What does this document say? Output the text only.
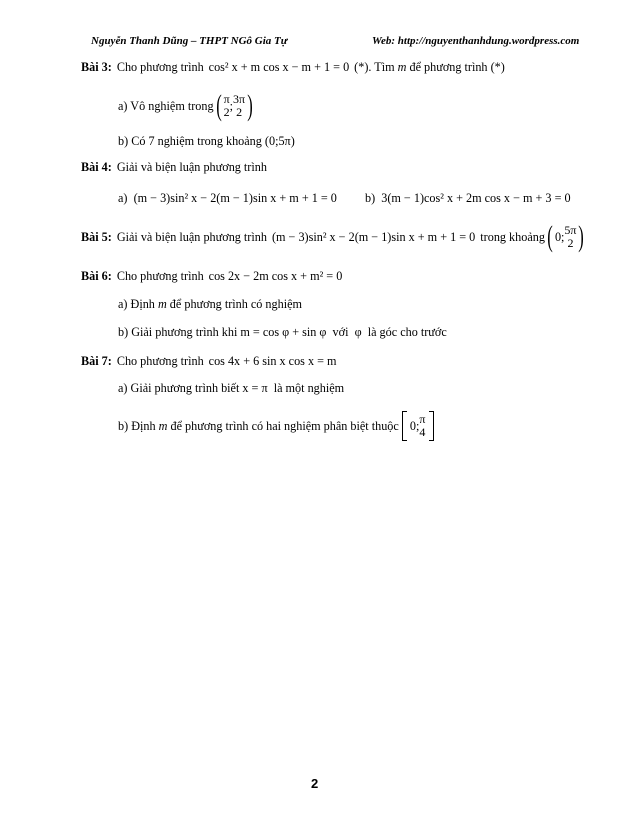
Nguyễn Thanh Dũng – THPT NGô Gia Tự	Web: http://nguyenthanhdung.wordpress.com
Bài 3: Cho phương trình cos² x + m cos x − m + 1 = 0 (*). Tìm
m
để phương trình (*)
a) Vô nghiệm trong ( π
2 ; 3π
2 )
b) Có 7 nghiệm trong khoảng
(0;5π)
Bài 4: Giải và biện luận phương trình
a)
(m − 3)sin² x − 2(m − 1)sin x + m + 1 = 0 b)
3(m − 1)cos² x + 2m cos x − m + 3 = 0
Bài 5: Giải và biện luận phương trình (m − 3)sin² x − 2(m − 1)sin x + m + 1 = 0 trong khoảng ( 0; 5π
2 )
Bài 6: Cho phương trình cos 2x − 2m cos x + m² = 0
a) Định
m
để phương trình có nghiệm
b) Giải phương trình khi
m = cos φ + sin φ
với
φ
là góc cho trước
Bài 7: Cho phương trình cos 4x + 6 sin x cos x = m
a) Giải phương trình biết
x = π
là một nghiệm
b) Định
m
để phương trình có hai nghiệm phân biệt thuộc

0; π
4

2
